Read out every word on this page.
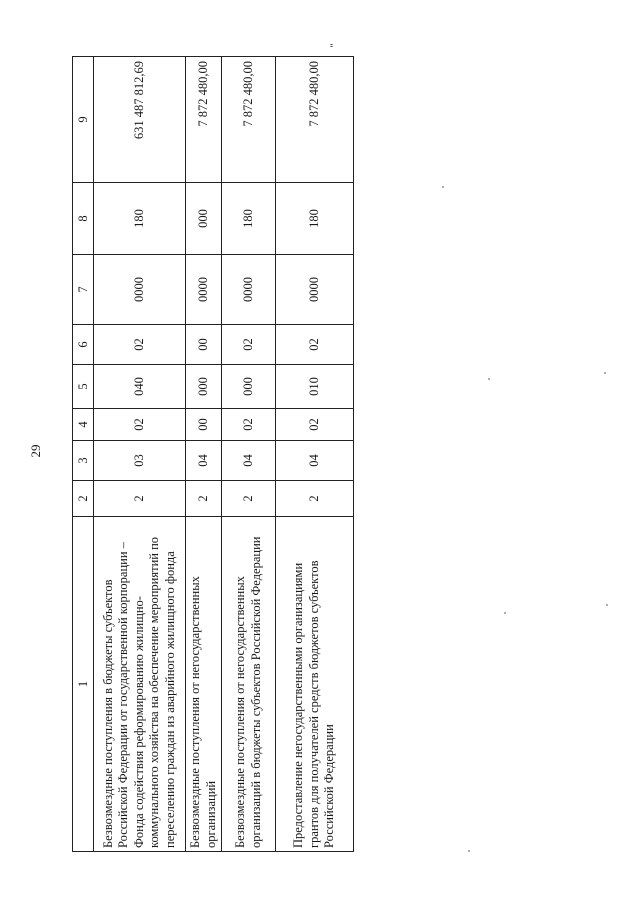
29
"
1	2	3	4	5	6	7	8	9
Безвозмездные поступления в бюджеты субъектов Российской Федерации от государственной корпорации – Фонда содействия реформированию жилищно-коммунального хозяйства на обеспечение мероприятий по переселению граждан из аварийного жилищного фонда	2	03	02	040	02	0000	180	631 487 812,69
Безвозмездные поступления от негосударственных организаций	2	04	00	000	00	0000	000	7 872 480,00
Безвозмездные поступления от негосударственных организаций в бюджеты субъектов Российской Федерации	2	04	02	000	02	0000	180	7 872 480,00
Предоставление негосударственными организациями грантов для получателей средств бюджетов субъектов Российской Федерации	2	04	02	010	02	0000	180	7 872 480,00
